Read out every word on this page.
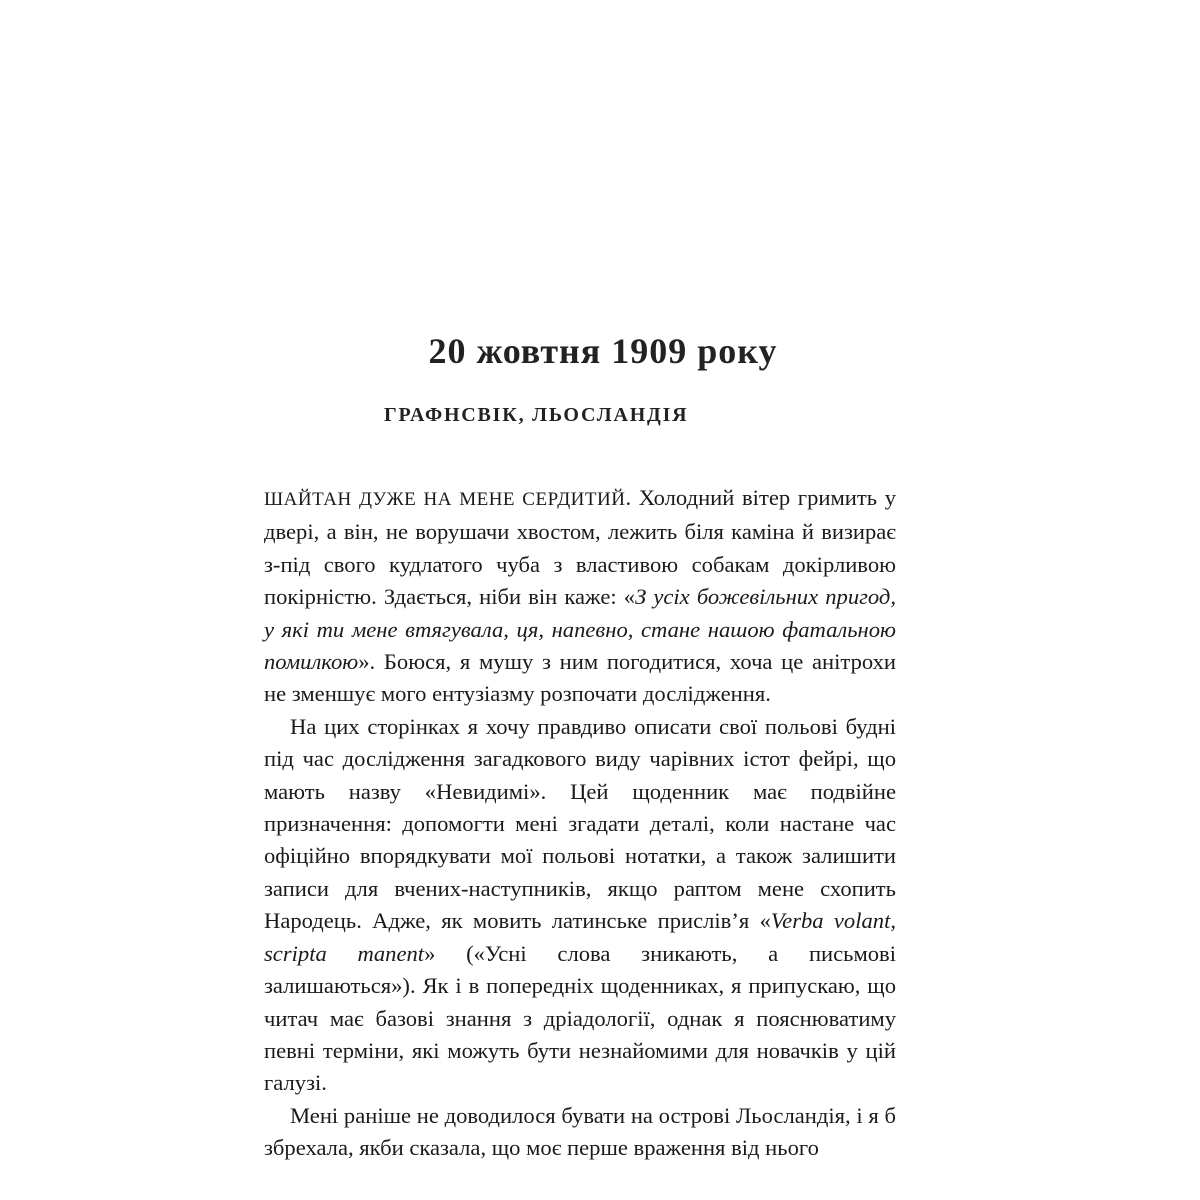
20 жовтня 1909 року
ГРАФНСВІК, ЛЬОСЛАНДІЯ

ШАЙТАН ДУЖЕ НА МЕНЕ СЕРДИТИЙ. Холодний вітер гримить у двері, а він, не ворушачи хвостом, лежить біля каміна й визирає з-під свого кудлатого чуба з властивою собакам докірливою покірністю. Здається, ніби він каже: «З усіх божевільних пригод, у які ти мене втягувала, ця, напевно, стане нашою фатальною помилкою». Боюся, я мушу з ним погодитися, хоча це анітрохи не зменшує мого ентузіазму розпочати дослідження.

На цих сторінках я хочу правдиво описати свої польові будні під час дослідження загадкового виду чарівних істот фейрі, що мають назву «Невидимі». Цей щоденник має подвійне призначення: допомогти мені згадати деталі, коли настане час офіційно впорядкувати мої польові нотатки, а також залишити записи для вчених-наступників, якщо раптом мене схопить Народець. Адже, як мовить латинське прислів’я «Verba volant, scripta manent» («Усні слова зникають, а письмові залишаються»). Як і в попередніх щоденниках, я припускаю, що читач має базові знання з дріадології, однак я пояснюватиму певні терміни, які можуть бути незнайомими для новачків у цій галузі.

Мені раніше не доводилося бувати на острові Льосландія, і я б збрехала, якби сказала, що моє перше враження від нього
